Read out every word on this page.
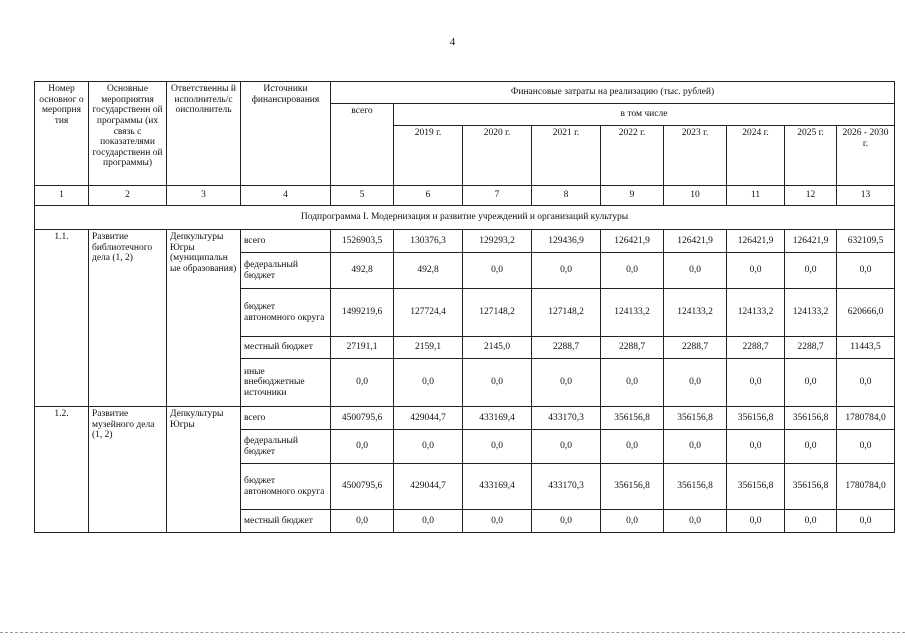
4
Номер основног о меропрня тия	Основные мероприятия государственн ой программы (их связь с показателями государственн ой программы)	Ответственны й исполнитель/с оисполнитель	Источники финансирования	Финансовые затраты на реализацию (тыс. рублей)								
				всего	в том числе							
					2019 г.	2020 г.	2021 г.	2022 г.	2023 г.	2024 г.	2025 г.	2026 - 2030 г.
1	2	3	4	5	6	7	8	9	10	11	12	13
Подпрограмма I. Модернизация и развитие учреждений и организаций культуры												
1.1.	Развитие библиотечного дела (1, 2)	Депкультуры Югры (муниципальн ые образования)	всего	1526903,5	130376,3	129293,2	129436,9	126421,9	126421,9	126421,9	126421,9	632109,5
			федеральный бюджет	492,8	492,8	0,0	0,0	0,0	0,0	0,0	0,0	0,0
			бюджет автономного округа	1499219,6	127724,4	127148,2	127148,2	124133,2	124133,2	124133,2	124133,2	620666,0
			местный бюджет	27191,1	2159,1	2145,0	2288,7	2288,7	2288,7	2288,7	2288,7	11443,5
			иные внебюджетные источники	0,0	0,0	0,0	0,0	0,0	0,0	0,0	0,0	0,0
1.2.	Развитие музейного дела (1, 2)	Депкультуры Югры	всего	4500795,6	429044,7	433169,4	433170,3	356156,8	356156,8	356156,8	356156,8	1780784,0
			федеральный бюджет	0,0	0,0	0,0	0,0	0,0	0,0	0,0	0,0	0,0
			бюджет автономного округа	4500795,6	429044,7	433169,4	433170,3	356156,8	356156,8	356156,8	356156,8	1780784,0
			местный бюджет	0,0	0,0	0,0	0,0	0,0	0,0	0,0	0,0	0,0
